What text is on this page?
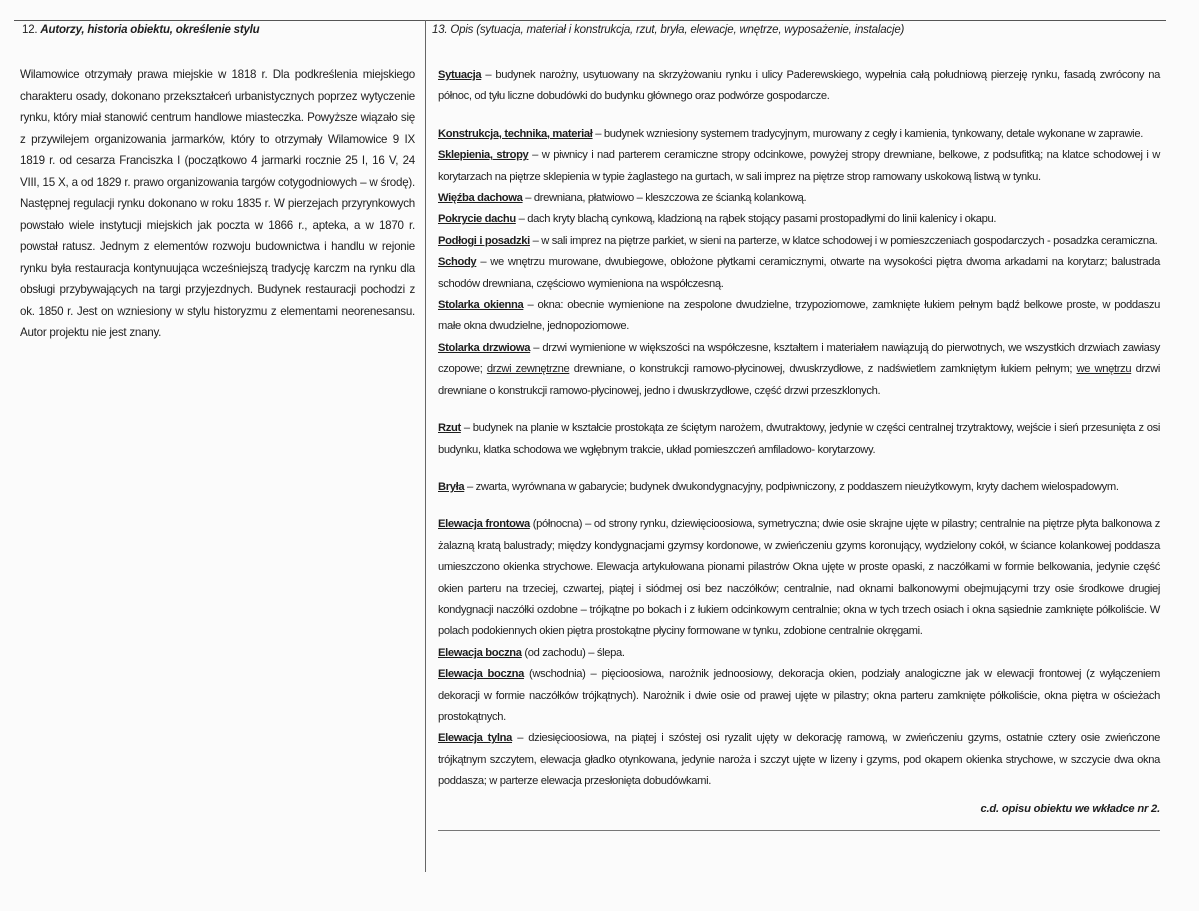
12. Autorzy, historia obiektu, określenie stylu
Wilamowice otrzymały prawa miejskie w 1818 r. Dla podkreślenia miejskiego charakteru osady, dokonano przekształceń urbanistycznych poprzez wytyczenie rynku, który miał stanowić centrum handlowe miasteczka. Powyższe wiązało się z przywilejem organizowania jarmarków, który to otrzymały Wilamowice 9 IX 1819 r. od cesarza Franciszka I (początkowo 4 jarmarki rocznie 25 I, 16 V, 24 VIII, 15 X, a od 1829 r. prawo organizowania targów cotygodniowych – w środę). Następnej regulacji rynku dokonano w roku 1835 r. W pierzejach przyrynkowych powstało wiele instytucji miejskich jak poczta w 1866 r., apteka, a w 1870 r. powstał ratusz. Jednym z elementów rozwoju budownictwa i handlu w rejonie rynku była restauracja kontynuująca wcześniejszą tradycję karczm na rynku dla obsługi przybywających na targi przyjezdnych. Budynek restauracji pochodzi z ok. 1850 r. Jest on wzniesiony w stylu historyzmu z elementami neorenesansu. Autor projektu nie jest znany.
13. Opis (sytuacja, materiał i konstrukcja, rzut, bryła, elewacje, wnętrze, wyposażenie, instalacje)

Sytuacja – budynek narożny, usytuowany na skrzyżowaniu rynku i ulicy Paderewskiego, wypełnia całą południową pierzeję rynku, fasadą zwrócony na północ, od tyłu liczne dobudówki do budynku głównego oraz podwórze gospodarcze.

Konstrukcja, technika, materiał – budynek wzniesiony systemem tradycyjnym, murowany z cegły i kamienia, tynkowany, detale wykonane w zaprawie.

Sklepienia, stropy – w piwnicy i nad parterem ceramiczne stropy odcinkowe, powyżej stropy drewniane, belkowe, z podsufitką; na klatce schodowej i w korytarzach na piętrze sklepienia w typie żaglastego na gurtach, w sali imprez na piętrze strop ramowany uskokową listwą w tynku.

Więźba dachowa – drewniana, płatwiowo – kleszczowa ze ścianką kolankową.

Pokrycie dachu – dach kryty blachą cynkową, kladzioną na rąbek stojący pasami prostopadłymi do linii kalenicy i okapu.

Podłogi i posadzki – w sali imprez na piętrze parkiet, w sieni na parterze, w klatce schodowej i w pomieszczeniach gospodarczych - posadzka ceramiczna.

Schody – we wnętrzu murowane, dwubiegowe, obłożone płytkami ceramicznymi, otwarte na wysokości piętra dwoma arkadami na korytarz; balustrada schodów drewniana, częściowo wymieniona na współczesną.

Stolarka okienna – okna: obecnie wymienione na zespolone dwudzielne, trzypoziomowe, zamknięte łukiem pełnym bądź belkowe proste, w poddaszu małe okna dwudzielne, jednopoziomowe.

Stolarka drzwiowa – drzwi wymienione w większości na współczesne, kształtem i materiałem nawiązują do pierwotnych, we wszystkich drzwiach zawiasy czopowe; drzwi zewnętrzne drewniane, o konstrukcji ramowo-płycinowej, dwuskrzydłowe, z nadświetlem zamkniętym łukiem pełnym; we wnętrzu drzwi drewniane o konstrukcji ramowo-płycinowej, jedno i dwuskrzydłowe, część drzwi przeszklonych.

Rzut – budynek na planie w kształcie prostokąta ze ściętym narożem, dwutraktowy, jedynie w części centralnej trzytraktowy, wejście i sień przesunięta z osi budynku, klatka schodowa we wgłębnym trakcie, układ pomieszczeń amfiladowo- korytarzowy.

Bryła – zwarta, wyrównana w gabarycie; budynek dwukondygnacyjny, podpiwniczony, z poddaszem nieużytkowym, kryty dachem wielospadowym.

Elewacja frontowa (północna) – od strony rynku, dziewięcioosiowa, symetryczna; dwie osie skrajne ujęte w pilastry; centralnie na piętrze płyta balkonowa z żalazną kratą balustrady; między kondygnacjami gzymsy kordonowe, w zwieńczeniu gzyms koronujący, wydzielony cokół, w ściance kolankowej poddasza umieszczono okienka strychowe. Elewacja artykułowana pionami pilastrów Okna ujęte w proste opaski, z naczółkami w formie belkowania, jedynie część okien parteru na trzeciej, czwartej, piątej i siódmej osi bez naczółków; centralnie, nad oknami balkonowymi obejmującymi trzy osie środkowe drugiej kondygnacji naczółki ozdobne – trójkątne po bokach i z łukiem odcinkowym centralnie; okna w tych trzech osiach i okna sąsiednie zamknięte półkoliście. W polach podokiennych okien piętra prostokątne płyciny formowane w tynku, zdobione centralnie okręgami.

Elewacja boczna (od zachodu) – ślepa.

Elewacja boczna (wschodnia) – pięcioosiowa, narożnik jednoosiowy, dekoracja okien, podziały analogiczne jak w elewacji frontowej (z wyłączeniem dekoracji w formie naczółków trójkątnych). Narożnik i dwie osie od prawej ujęte w pilastry; okna parteru zamknięte półkoliście, okna piętra w ościeżach prostokątnych.

Elewacja tylna – dziesięcioosiowa, na piątej i szóstej osi ryzalit ujęty w dekorację ramową, w zwieńczeniu gzyms, ostatnie cztery osie zwieńczone trójkątnym szczytem, elewacja gładko otynkowana, jedynie naroża i szczyt ujęte w lizeny i gzyms, pod okapem okienka strychowe, w szczycie dwa okna poddasza; w parterze elewacja przesłonięta dobudówkami.

c.d. opisu obiektu we wkładce nr 2.
